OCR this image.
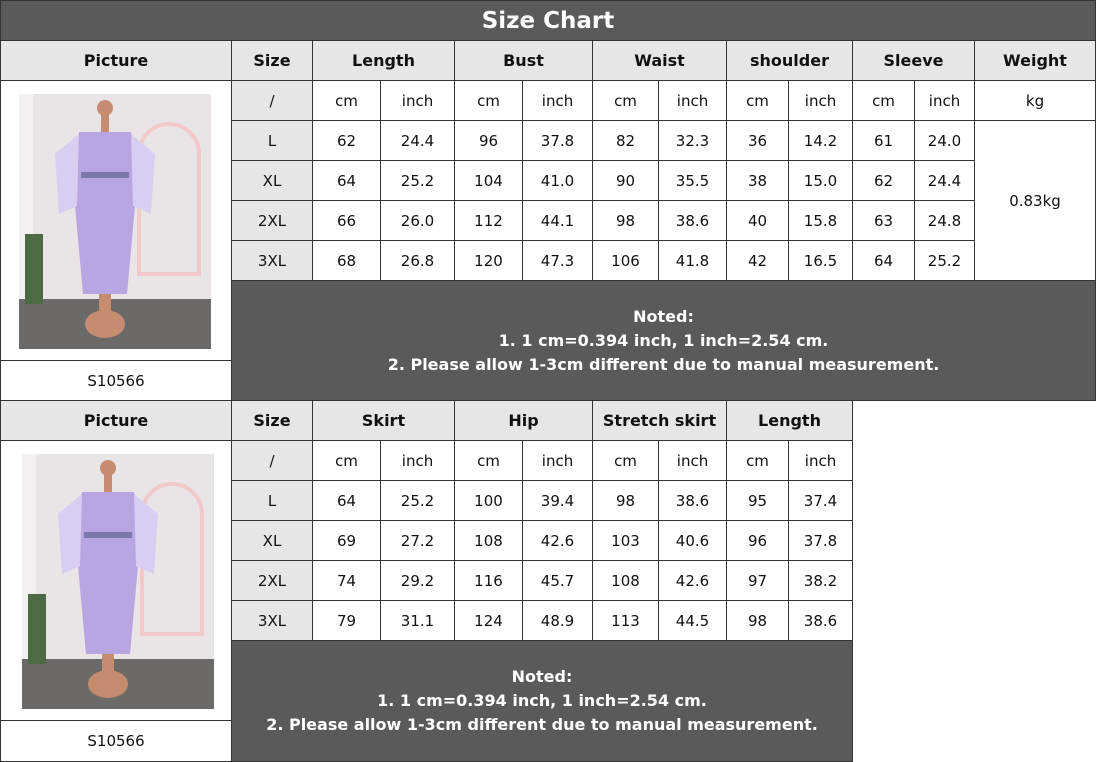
Size Chart
Picture	Size	Length	Bust	Waist	shoulder	Sleeve	Weight
/	cm	inch	cm	inch	cm	inch	cm	inch	cm	inch	kg
L	62	24.4	96	37.8	82	32.3	36	14.2	61	24.0
XL	64	25.2	104	41.0	90	35.5	38	15.0	62	24.4
2XL	66	26.0	112	44.1	98	38.6	40	15.8	63	24.8
3XL	68	26.8	120	47.3	106	41.8	42	16.5	64	25.2
0.83kg
Picture	Size	Skirt	Hip	Stretch skirt	Length
/	cm	inch	cm	inch	cm	inch	cm	inch
L	64	25.2	100	39.4	98	38.6	95	37.4
XL	69	27.2	108	42.6	103	40.6	96	37.8
2XL	74	29.2	116	45.7	108	42.6	97	38.2
3XL	79	31.1	124	48.9	113	44.5	98	38.6
Noted:
1. 1 cm=0.394 inch, 1 inch=2.54 cm.
2. Please allow 1-3cm different due to manual measurement.
Noted:
1. 1 cm=0.394 inch, 1 inch=2.54 cm.
2. Please allow 1-3cm different due to manual measurement.
S10566
S10566
